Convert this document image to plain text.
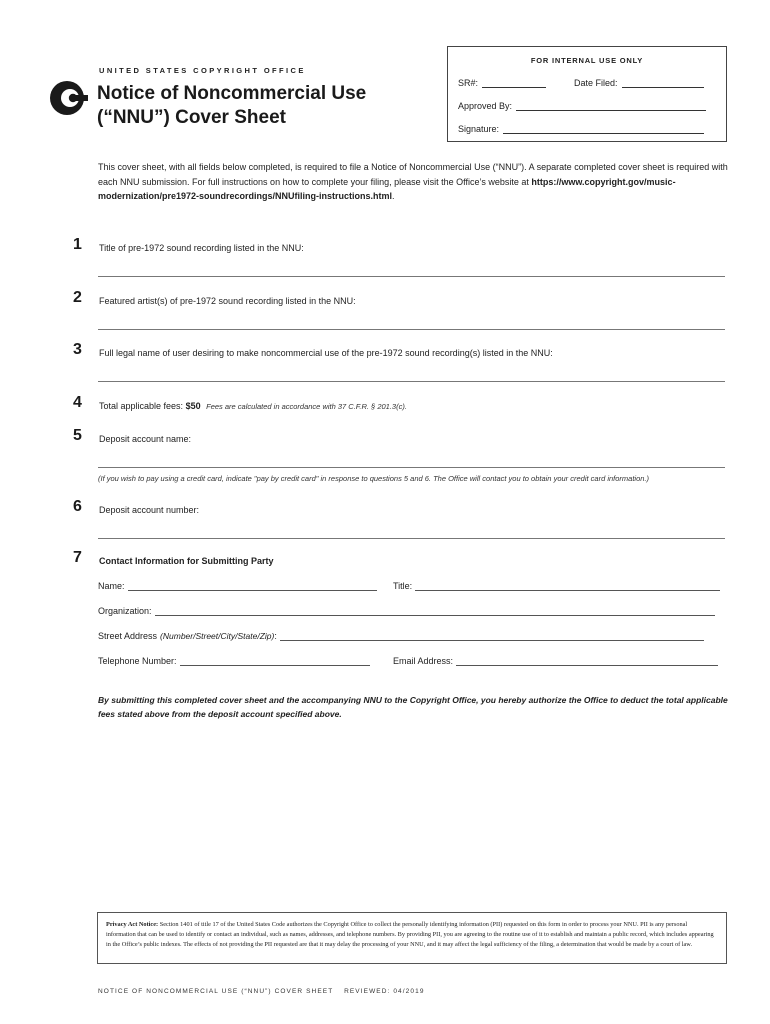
UNITED STATES COPYRIGHT OFFICE
Notice of Noncommercial Use
(“NNU”) Cover Sheet
FOR INTERNAL USE ONLY
SR#:	Date Filed:
Approved By:
Signature:
This cover sheet, with all fields below completed, is required to file a Notice of Noncommercial Use (“NNU”). A separate completed cover sheet is required with each NNU submission. For full instructions on how to complete your filing, please visit the Office’s website at https://www.copyright.gov/music-modernization/pre1972-soundrecordings/NNUfiling-instructions.html.
1 Title of pre-1972 sound recording listed in the NNU:
2 Featured artist(s) of pre-1972 sound recording listed in the NNU:
3 Full legal name of user desiring to make noncommercial use of the pre-1972 sound recording(s) listed in the NNU:
4 Total applicable fees: $50 Fees are calculated in accordance with 37 C.F.R. § 201.3(c).
5 Deposit account name:
(If you wish to pay using a credit card, indicate "pay by credit card" in response to questions 5 and 6. The Office will contact you to obtain your credit card information.)
6 Deposit account number:
7 Contact Information for Submitting Party
Name:	Title:
Organization:
Street Address (Number/Street/City/State/Zip) :
Telephone Number:	Email Address:
By submitting this completed cover sheet and the accompanying NNU to the Copyright Office, you hereby authorize the Office to deduct the total applicable fees stated above from the deposit account specified above.
Privacy Act Notice: Section 1401 of title 17 of the United States Code authorizes the Copyright Office to collect the personally identifying information (PII) requested on this form in order to process your NNU. PII is any personal information that can be used to identify or contact an individual, such as names, addresses, and telephone numbers. By providing PII, you are agreeing to the routine use of it to establish and maintain a public record, which includes appearing in the Office’s public indexes. The effects of not providing the PII requested are that it may delay the processing of your NNU, and it may affect the legal sufficiency of the filing, a determination that would be made by a court of law.
NOTICE OF NONCOMMERCIAL USE (“NNU”) COVER SHEET REVIEWED: 04/2019
